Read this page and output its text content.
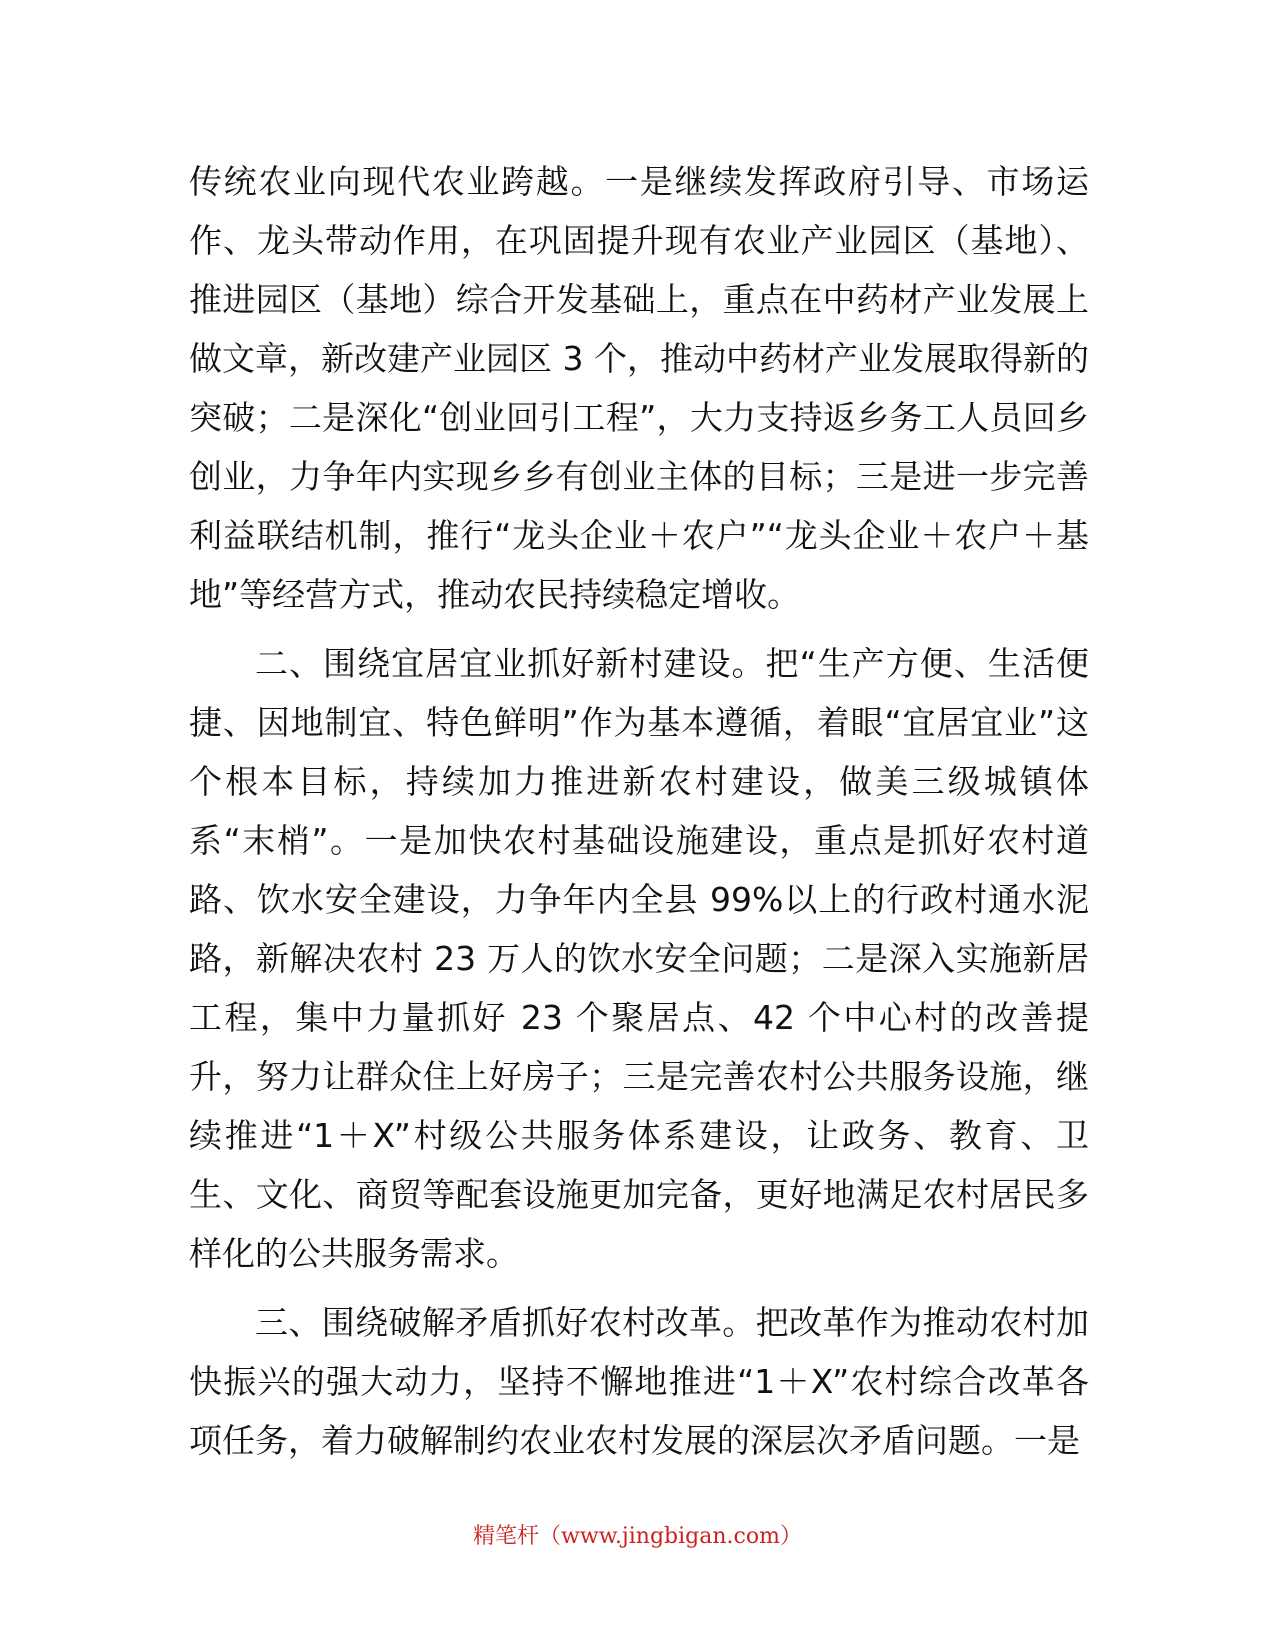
传统农业向现代农业跨越。一是继续发挥政府引导、市场运作、龙头带动作用，在巩固提升现有农业产业园区（基地）、推进园区（基地）综合开发基础上，重点在中药材产业发展上做文章，新改建产业园区 3 个，推动中药材产业发展取得新的突破；二是深化“创业回引工程”，大力支持返乡务工人员回乡创业，力争年内实现乡乡有创业主体的目标；三是进一步完善利益联结机制，推行“龙头企业＋农户”“龙头企业＋农户＋基地”等经营方式，推动农民持续稳定增收。

二、围绕宜居宜业抓好新村建设。把“生产方便、生活便捷、因地制宜、特色鲜明”作为基本遵循，着眼“宜居宜业”这个根本目标，持续加力推进新农村建设，做美三级城镇体系“末梢”。一是加快农村基础设施建设，重点是抓好农村道路、饮水安全建设，力争年内全县 99%以上的行政村通水泥路，新解决农村 23 万人的饮水安全问题；二是深入实施新居工程，集中力量抓好 23 个聚居点、42 个中心村的改善提升，努力让群众住上好房子；三是完善农村公共服务设施，继续推进“1＋X”村级公共服务体系建设，让政务、教育、卫生、文化、商贸等配套设施更加完备，更好地满足农村居民多样化的公共服务需求。

三、围绕破解矛盾抓好农村改革。把改革作为推动农村加快振兴的强大动力，坚持不懈地推进“1＋X”农村综合改革各项任务，着力破解制约农业农村发展的深层次矛盾问题。一是

精笔杆（www.jingbigan.com）
